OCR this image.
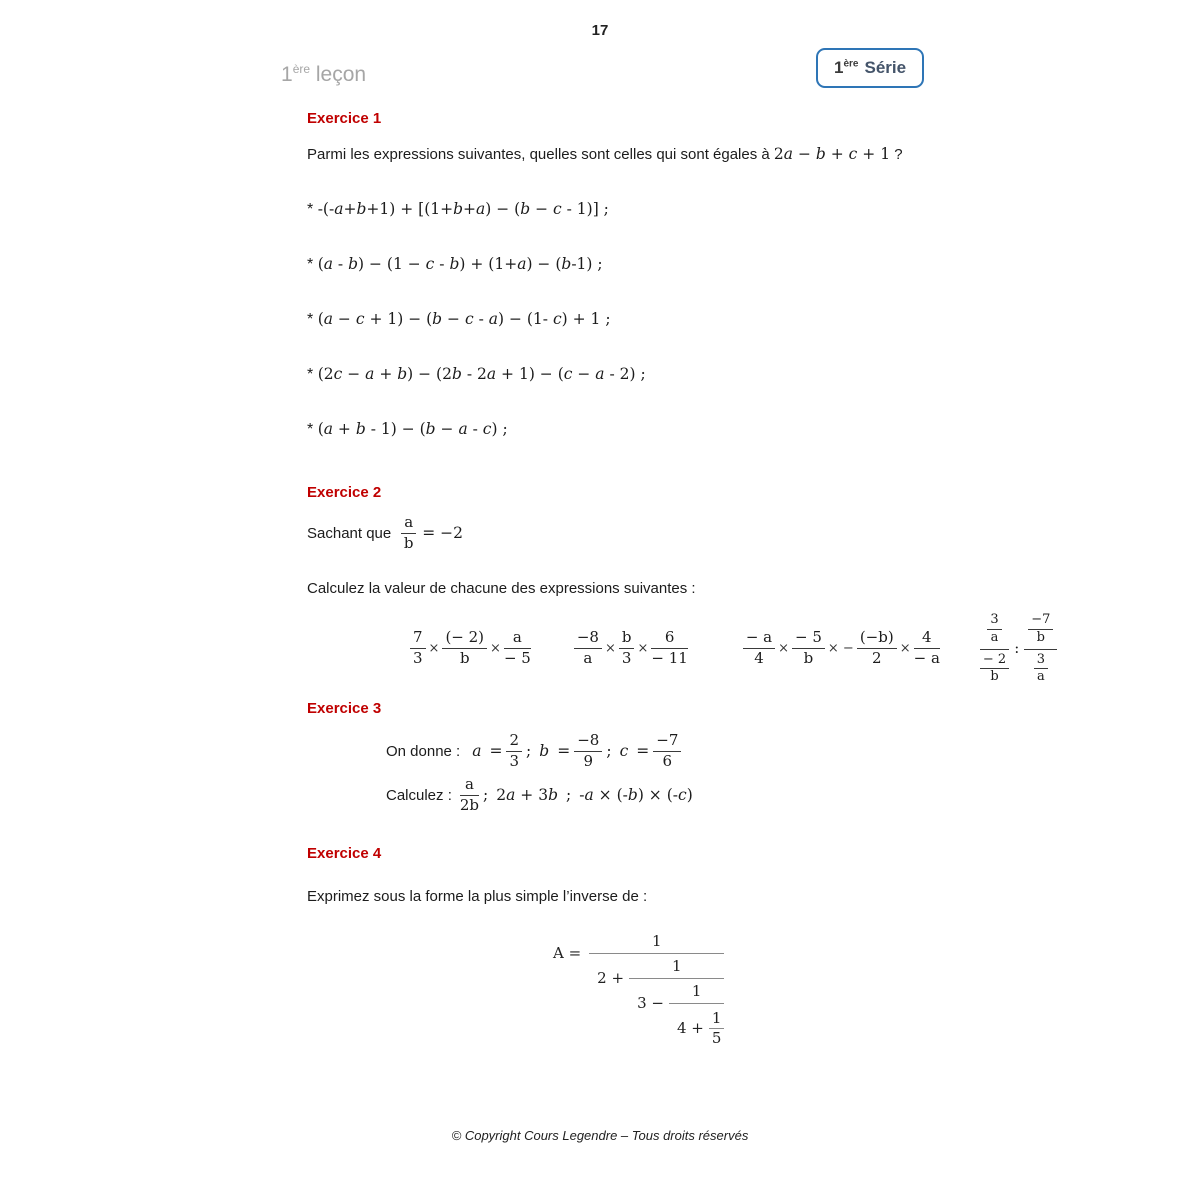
17
1ère leçon	1ère Série
Exercice 1
Parmi les expressions suivantes, quelles sont celles qui sont égales à 2a − b + c + 1 ?
* -(-a+b+1) + [(1+b+a) − (b − c - 1)] ;
* (a - b) − (1 − c - b) + (1+a) − (b-1) ;
* (a − c + 1) − (b − c - a) − (1- c) + 1 ;
* (2c − a + b) − (2b - 2a + 1) − (c − a - 2) ;
* (a + b - 1) − (b − a - c) ;
Exercice 2
Sachant que $\frac{a}{b} = -2$
Calculez la valeur de chacune des expressions suivantes :
$\frac{7}{3} \times \frac{(- 2)}{b} \times \frac{a}{- 5}$	$\frac{-8}{a} \times \frac{b}{3} \times \frac{6}{- 11}$	$\frac{- a}{4} \times \frac{- 5}{b}$ × − $\frac{(-b)}{2} \times \frac{4}{- a}$
$\frac{3}{a}$
$\frac{- 2}{b}$
:
$\frac{-7}{b}$
$\frac{3}{a}$
Exercice 3
On donne : $a = \frac{2}{3}$ ; $b = \frac{-8}{9}$ ; $c = \frac{-7}{6}$
Calculez : $\frac{a}{2b}$ ; 2a + 3b ; -a × (-b) × (-c)
Exercice 4
Exprimez sous la forme la plus simple l’inverse de :
A =
1
2 +
1
$3 - \frac{1}{4 + \frac{1}{5}}$
© Copyright Cours Legendre – Tous droits réservés
